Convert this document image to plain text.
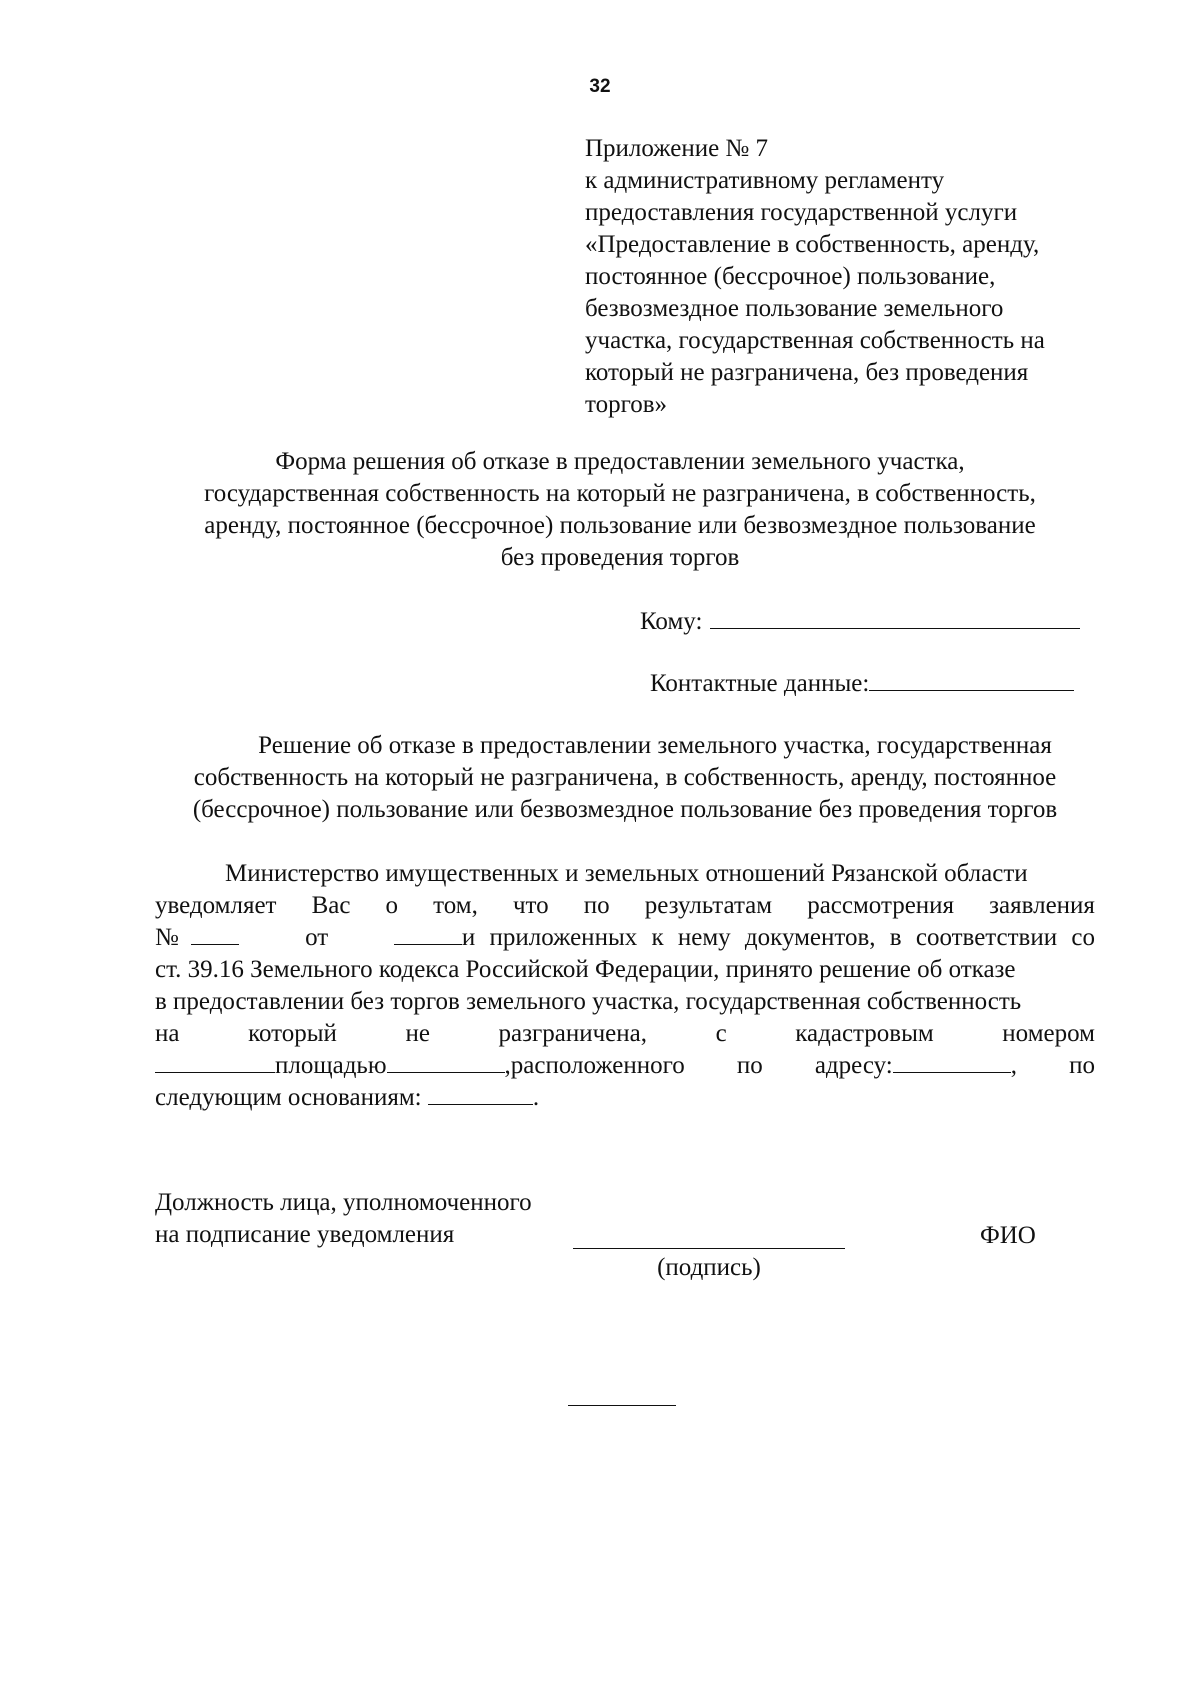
32
Приложение № 7
к административному регламенту
предоставления государственной услуги
«Предоставление в собственность, аренду,
постоянное (бессрочное) пользование,
безвозмездное пользование земельного
участка, государственная собственность на
который не разграничена, без проведения
торгов»
Форма решения об отказе в предоставлении земельного участка,
государственная собственность на который не разграничена, в собственность,
аренду, постоянное (бессрочное) пользование или безвозмездное пользование
без проведения торгов
Кому:
Контактные данные:
Решение об отказе в предоставлении земельного участка, государственная
собственность на который не разграничена, в собственность, аренду, постоянное
(бессрочное) пользование или безвозмездное пользование без проведения торгов
Министерство имущественных и земельных отношений Рязанской области
уведомляет Вас о том, что по результатам рассмотрения заявления
№	от	и приложенных к нему документов, в соответствии со
ст. 39.16 Земельного кодекса Российской Федерации, принято решение об отказе
в предоставлении без торгов земельного участка, государственная собственность
на	который	не	разграничена,	с	кадастровым	номером
площадью	,расположенного по адресу:	, по
следующим основаниям:	.
Должность лица, уполномоченного
на подписание уведомления
(подпись)
ФИО
